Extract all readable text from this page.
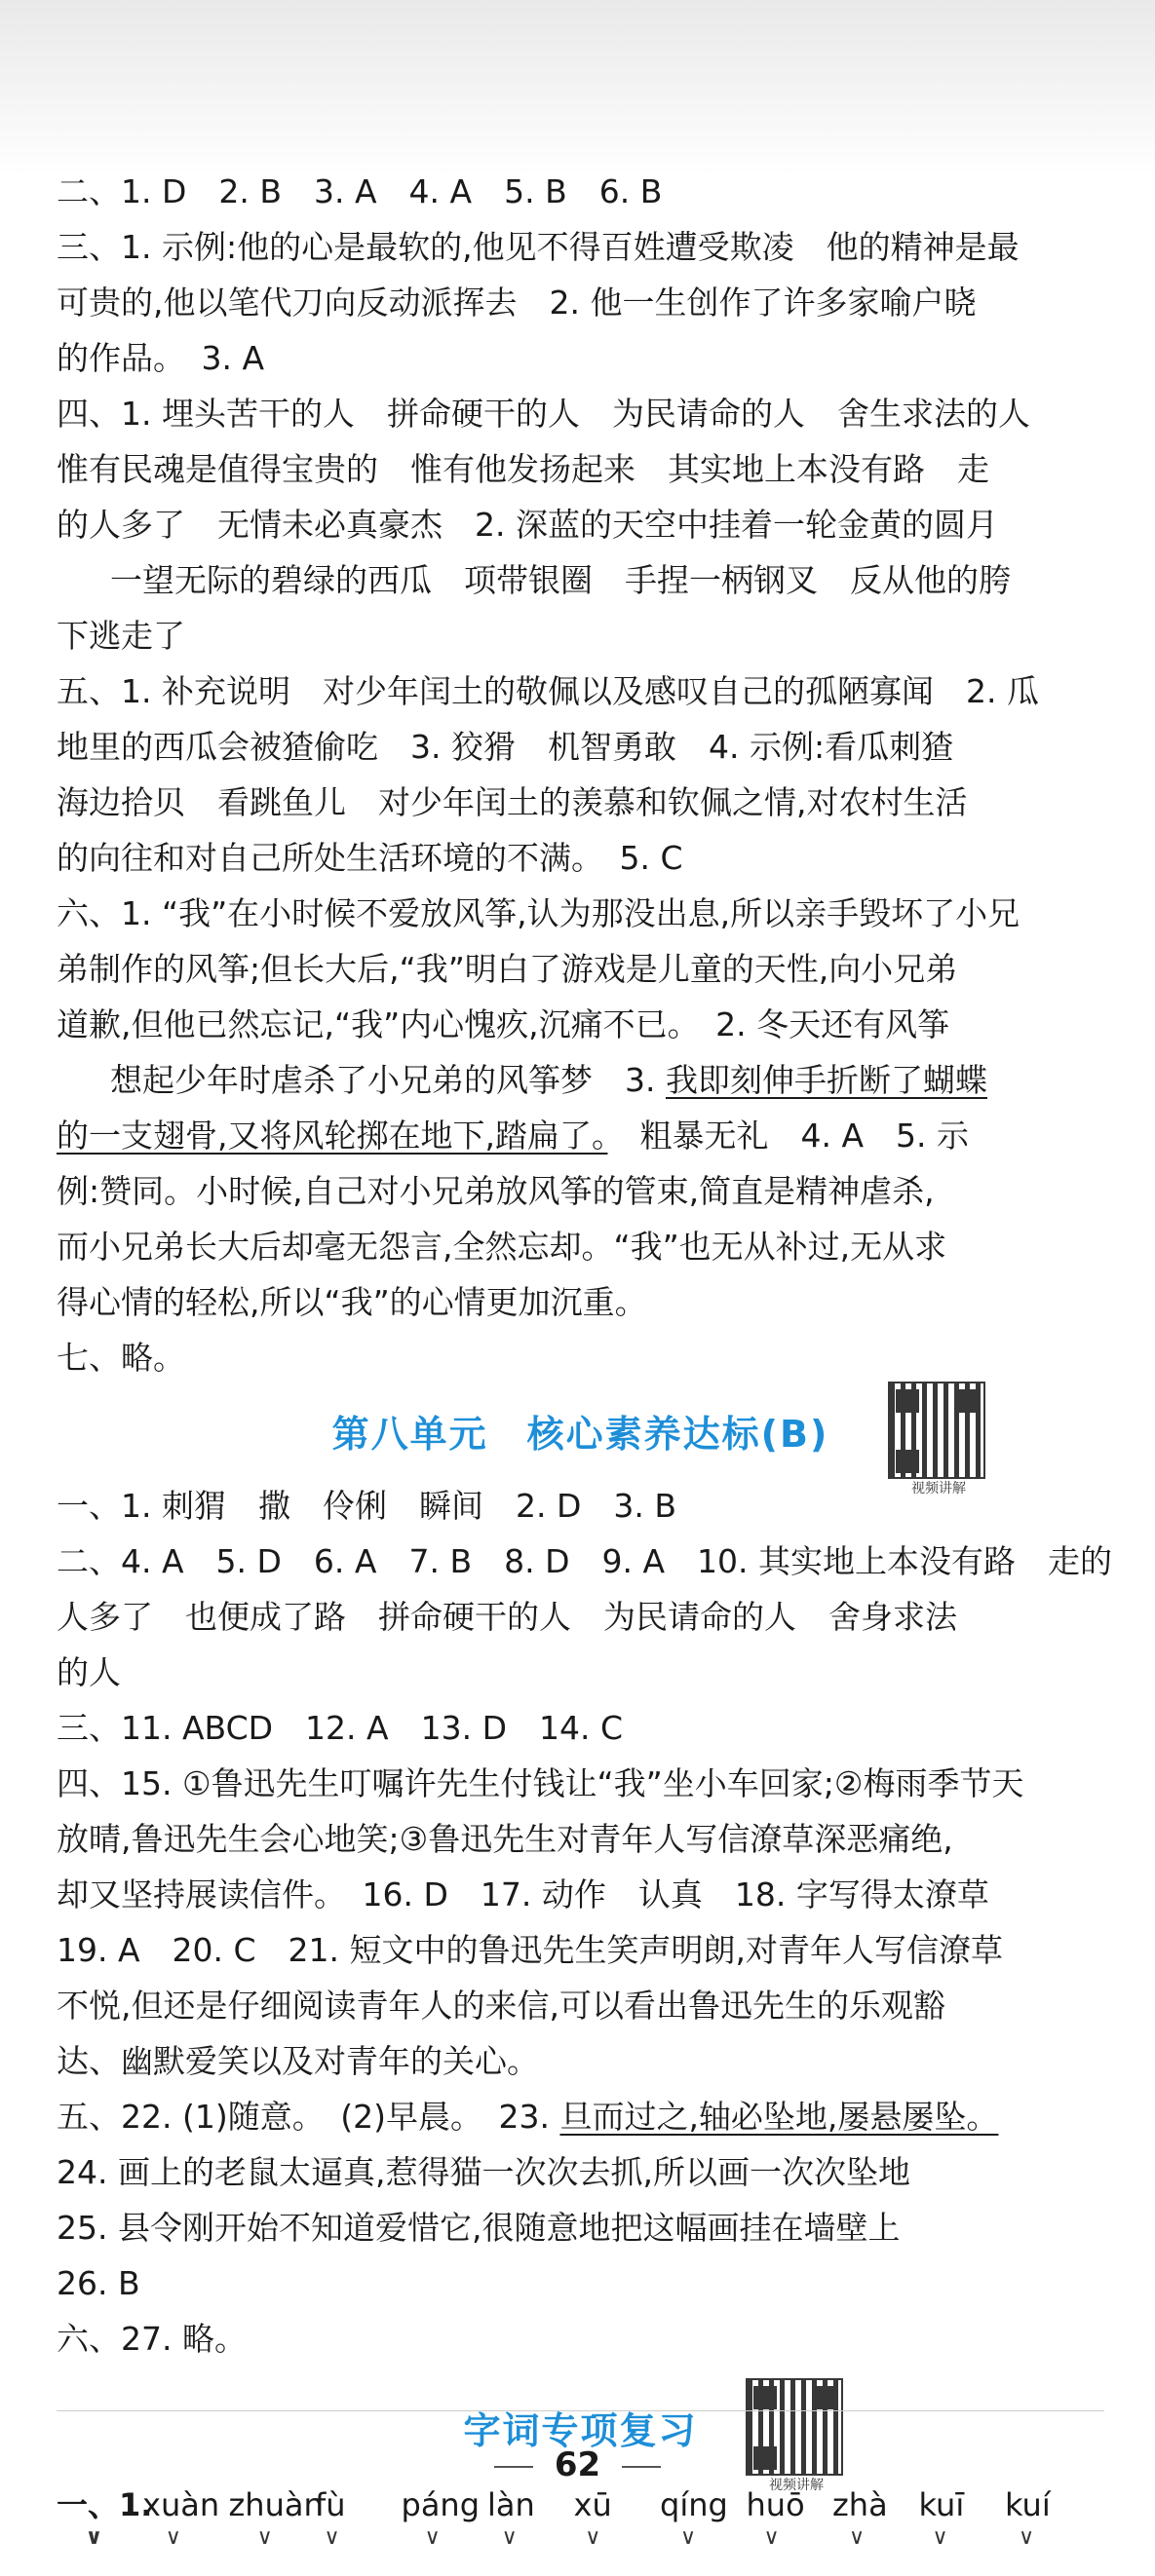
二、1. D　2. B　3. A　4. A　5. B　6. B
三、1. 示例:他的心是最软的,他见不得百姓遭受欺凌　他的精神是最
可贵的,他以笔代刀向反动派挥去　2. 他一生创作了许多家喻户晓
的作品。　3. A
四、1. 埋头苦干的人　拼命硬干的人　为民请命的人　舍生求法的人
惟有民魂是值得宝贵的　惟有他发扬起来　其实地上本没有路　走
的人多了　无情未必真豪杰　2. 深蓝的天空中挂着一轮金黄的圆月
一望无际的碧绿的西瓜　项带银圈　手捏一柄钢叉　反从他的胯
下逃走了
五、1. 补充说明　对少年闰土的敬佩以及感叹自己的孤陋寡闻　2. 瓜
地里的西瓜会被猹偷吃　3. 狡猾　机智勇敢　4. 示例:看瓜刺猹
海边拾贝　看跳鱼儿　对少年闰土的羡慕和钦佩之情,对农村生活
的向往和对自己所处生活环境的不满。　5. C
六、1. “我”在小时候不爱放风筝,认为那没出息,所以亲手毁坏了小兄
弟制作的风筝;但长大后,“我”明白了游戏是儿童的天性,向小兄弟
道歉,但他已然忘记,“我”内心愧疚,沉痛不已。　2. 冬天还有风筝
想起少年时虐杀了小兄弟的风筝梦　3. 我即刻伸手折断了蝴蝶
的一支翅骨,又将风轮掷在地下,踏扁了。　粗暴无礼　4. A　5. 示
例:赞同。小时候,自己对小兄弟放风筝的管束,简直是精神虐杀,
而小兄弟长大后却毫无怨言,全然忘却。“我”也无从补过,无从求
得心情的轻松,所以“我”的心情更加沉重。
七、略。
第八单元　核心素养达标(B)
视频讲解
一、1. 刺猬　撒　伶俐　瞬间　2. D　3. B
二、4. A　5. D　6. A　7. B　8. D　9. A　10. 其实地上本没有路　走的
人多了　也便成了路　拼命硬干的人　为民请命的人　舍身求法
的人
三、11. ABCD　12. A　13. D　14. C
四、15. ①鲁迅先生叮嘱许先生付钱让“我”坐小车回家;②梅雨季节天
放晴,鲁迅先生会心地笑;③鲁迅先生对青年人写信潦草深恶痛绝,
却又坚持展读信件。　16. D　17. 动作　认真　18. 字写得太潦草
19. A　20. C　21. 短文中的鲁迅先生笑声明朗,对青年人写信潦草
不悦,但还是仔细阅读青年人的来信,可以看出鲁迅先生的乐观豁
达、幽默爱笑以及对青年的关心。
五、22. (1)随意。　(2)早晨。　23. 旦而过之,轴必坠地,屡悬屡坠。
24. 画上的老鼠太逼真,惹得猫一次次去抓,所以画一次次坠地
25. 县令刚开始不知道爱惜它,很随意地把这幅画挂在墙壁上
26. B
六、27. 略。
字词专项复习
视频讲解
一、1. ∨
xuàn ∨ zhuàn ∨
fù ∨ páng ∨ làn ∨ xū ∨ qíng ∨ huō ∨ zhà ∨ kuī ∨ kuí ∨
62
